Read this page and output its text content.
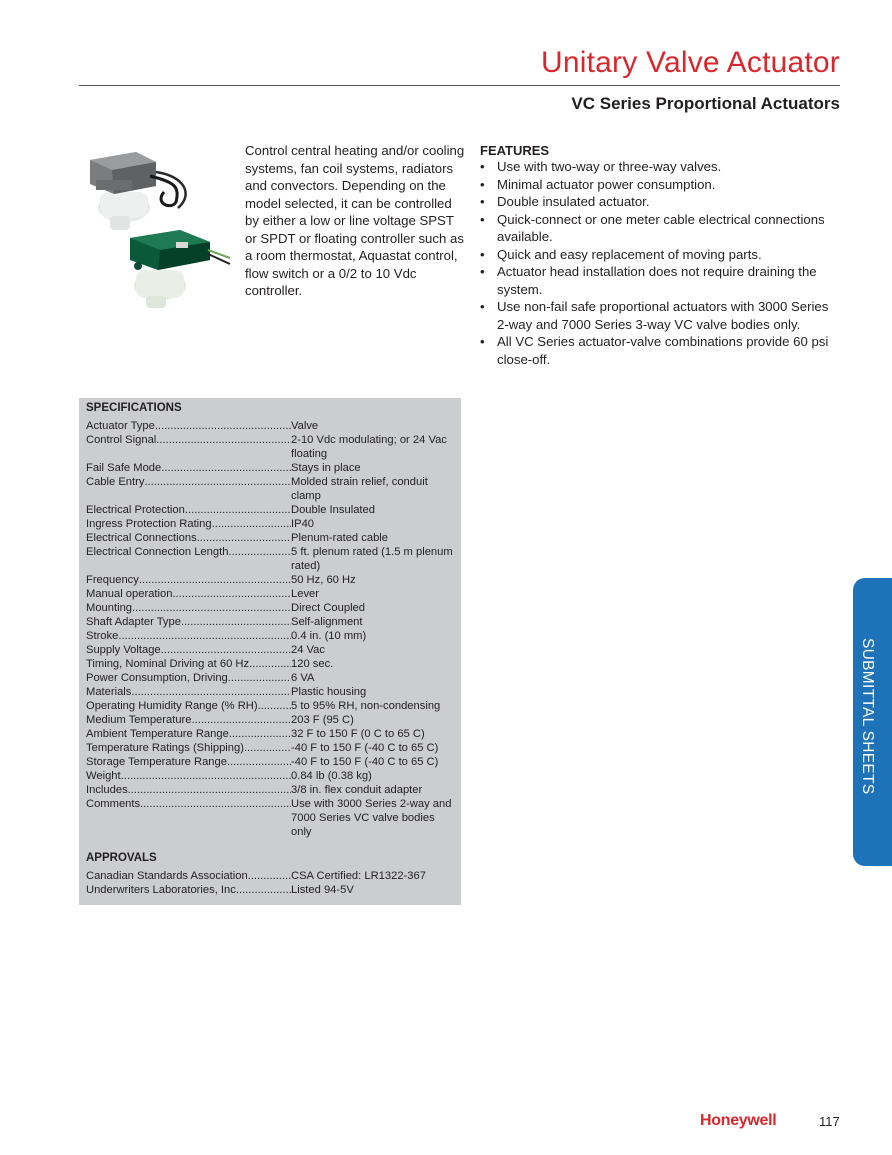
Unitary Valve Actuator
VC Series Proportional Actuators
Control central heating and/or cooling systems, fan coil systems, radiators and convectors. Depending on the model selected, it can be controlled by either a low or line voltage SPST or SPDT or floating controller such as a room thermostat, Aquastat control, flow switch or a 0/2 to 10 Vdc controller.
FEATURES
• Use with two-way or three-way valves.
• Minimal actuator power consumption.
• Double insulated actuator.
• Quick-connect or one meter cable electrical connections available.
• Quick and easy replacement of moving parts.
• Actuator head installation does not require draining the system.
• Use non-fail safe proportional actuators with 3000 Series 2-way and 7000 Series 3-way VC valve bodies only.
• All VC Series actuator-valve combinations provide 60 psi close-off.
SPECIFICATIONS
Actuator Type .....	Valve
Control Signal .....	2-10 Vdc modulating; or 24 Vac floating
Fail Safe Mode .....	Stays in place
Cable Entry .....	Molded strain relief, conduit clamp
Electrical Protection .....	Double Insulated
Ingress Protection Rating .....	IP40
Electrical Connections .....	Plenum-rated cable
Electrical Connection Length .....	5 ft. plenum rated (1.5 m plenum rated)
Frequency .....	50 Hz, 60 Hz
Manual operation .....	Lever
Mounting .....	Direct Coupled
Shaft Adapter Type .....	Self-alignment
Stroke .....	0.4 in. (10 mm)
Supply Voltage .....	24 Vac
Timing, Nominal Driving at 60 Hz .....	120 sec.
Power Consumption, Driving .....	6 VA
Materials .....	Plastic housing
Operating Humidity Range (% RH) .....	5 to 95% RH, non-condensing
Medium Temperature .....	203 F (95 C)
Ambient Temperature Range .....	32 F to 150 F (0 C to 65 C)
Temperature Ratings (Shipping) .....	-40 F to 150 F (-40 C to 65 C)
Storage Temperature Range .....	-40 F to 150 F (-40 C to 65 C)
Weight .....	0.84 lb (0.38 kg)
Includes .....	3/8 in. flex conduit adapter
Comments .....	Use with 3000 Series 2-way and 7000 Series VC valve bodies only
APPROVALS
Canadian Standards Association .....	CSA Certified: LR1322-367
Underwriters Laboratories, Inc. .....	Listed 94-5V
SUBMITTAL SHEETS
Honeywell	117
